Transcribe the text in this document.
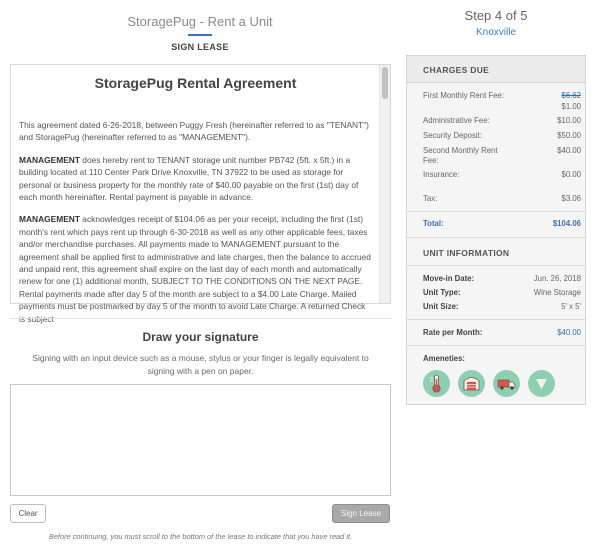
StoragePug - Rent a Unit
SIGN LEASE
Step 4 of 5
Knoxville
StoragePug Rental Agreement

This agreement dated 6-26-2018, between Puggy Fresh (hereinafter referred to as "TENANT") and StoragePug (hereinafter referred to as "MANAGEMENT").

MANAGEMENT does hereby rent to TENANT storage unit number PB742 (5ft. x 5ft.) in a building located at 110 Center Park Drive Knoxville, TN 37922 to be used as storage for personal or business property for the monthly rate of $40.00 payable on the first (1st) day of each month hereinafter. Rental payment is payable in advance.

MANAGEMENT acknowledges receipt of $104.06 as per your receipt, including the first (1st) month's rent which pays rent up through 6-30-2018 as well as any other applicable fees, taxes and/or merchandise purchases. All payments made to MANAGEMENT pursuant to the agreement shall be applied first to administrative and late charges, then the balance to accrued and unpaid rent, this agreement shall expire on the last day of each month and automatically renew for one (1) additional month, SUBJECT TO THE CONDITIONS ON THE NEXT PAGE. Rental payments made after day 5 of the month are subject to a $4.00 Late Charge. Mailed payments must be postmarked by day 5 of the month to avoid Late Charge. A returned Check

Draw your signature
Signing with an input device such as a mouse, stylus or your finger is legally equivalent to signing with a pen on paper.
Clear	Sign Lease
Before continuing, you must scroll to the bottom of the lease to indicate that you have read it.
CHARGES DUE
First Monthly Rent Fee:	$6.62
$1.00
Administrative Fee:	$10.00
Security Deposit:	$50.00
Second Monthly Rent Fee:
$40.00
Insurance:	$0.00
Tax:	$3.06
Total:	$104.06
UNIT INFORMATION
Move-in Date:	Jun. 26, 2018
Unit Type:	Wine Storage
Unit Size:	5' x 5'
Rate per Month:	$40.00
Ameneties:
